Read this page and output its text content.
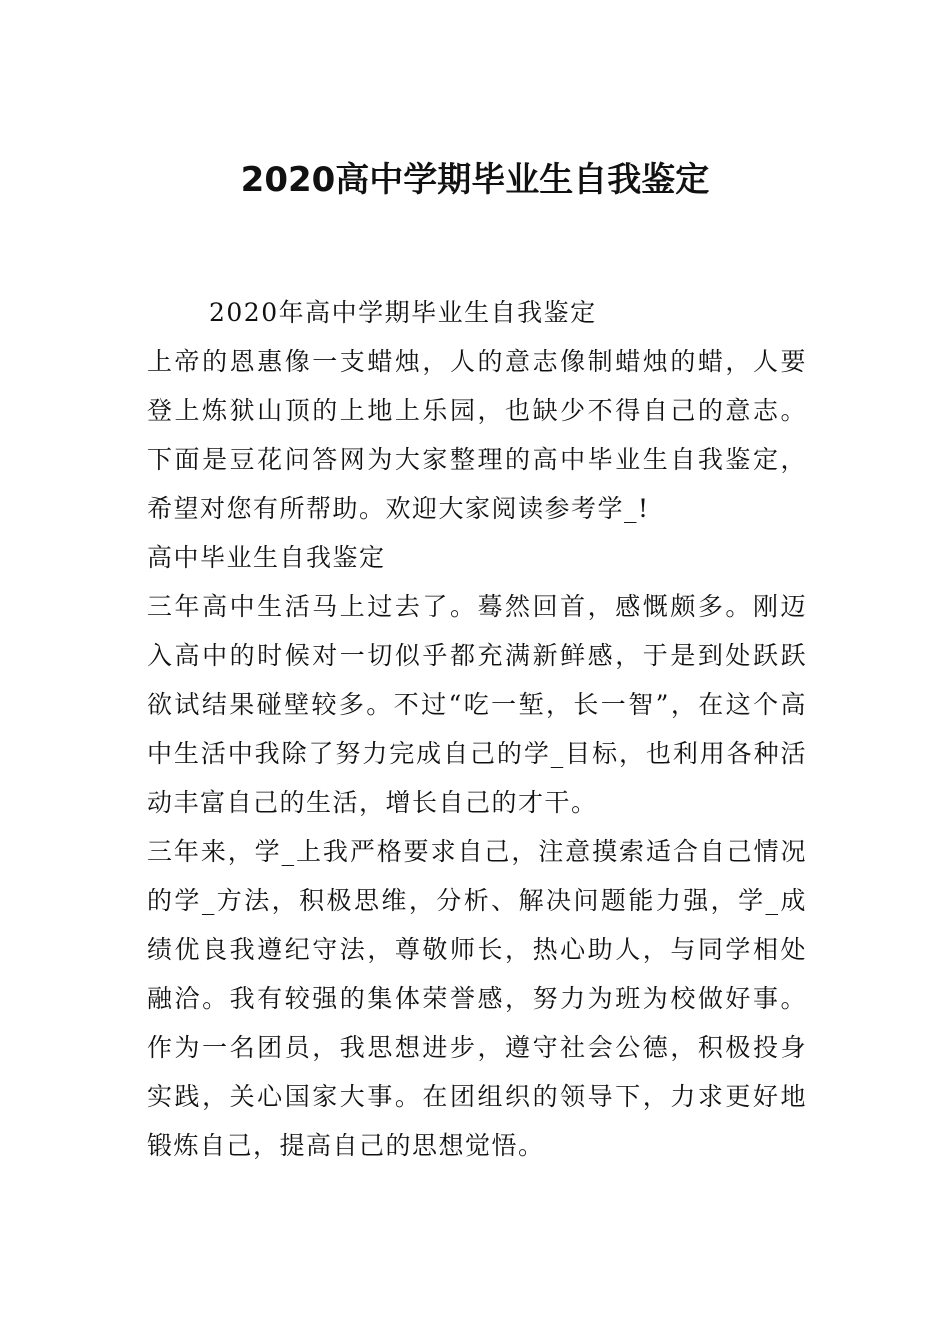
2020高中学期毕业生自我鉴定

2020年高中学期毕业生自我鉴定

上帝的恩惠像一支蜡烛，人的意志像制蜡烛的蜡，人要登上炼狱山顶的上地上乐园，也缺少不得自己的意志。下面是豆花问答网为大家整理的高中毕业生自我鉴定，希望对您有所帮助。欢迎大家阅读参考学_!

高中毕业生自我鉴定

三年高中生活马上过去了。蓦然回首，感慨颇多。刚迈入高中的时候对一切似乎都充满新鲜感，于是到处跃跃欲试结果碰壁较多。不过“吃一堑，长一智”，在这个高中生活中我除了努力完成自己的学_目标，也利用各种活动丰富自己的生活，增长自己的才干。

三年来，学_上我严格要求自己，注意摸索适合自己情况的学_方法，积极思维，分析、解决问题能力强，学_成绩优良我遵纪守法，尊敬师长，热心助人，与同学相处融洽。我有较强的集体荣誉感，努力为班为校做好事。作为一名团员，我思想进步，遵守社会公德，积极投身实践，关心国家大事。在团组织的领导下，力求更好地锻炼自己，提高自己的思想觉悟。
